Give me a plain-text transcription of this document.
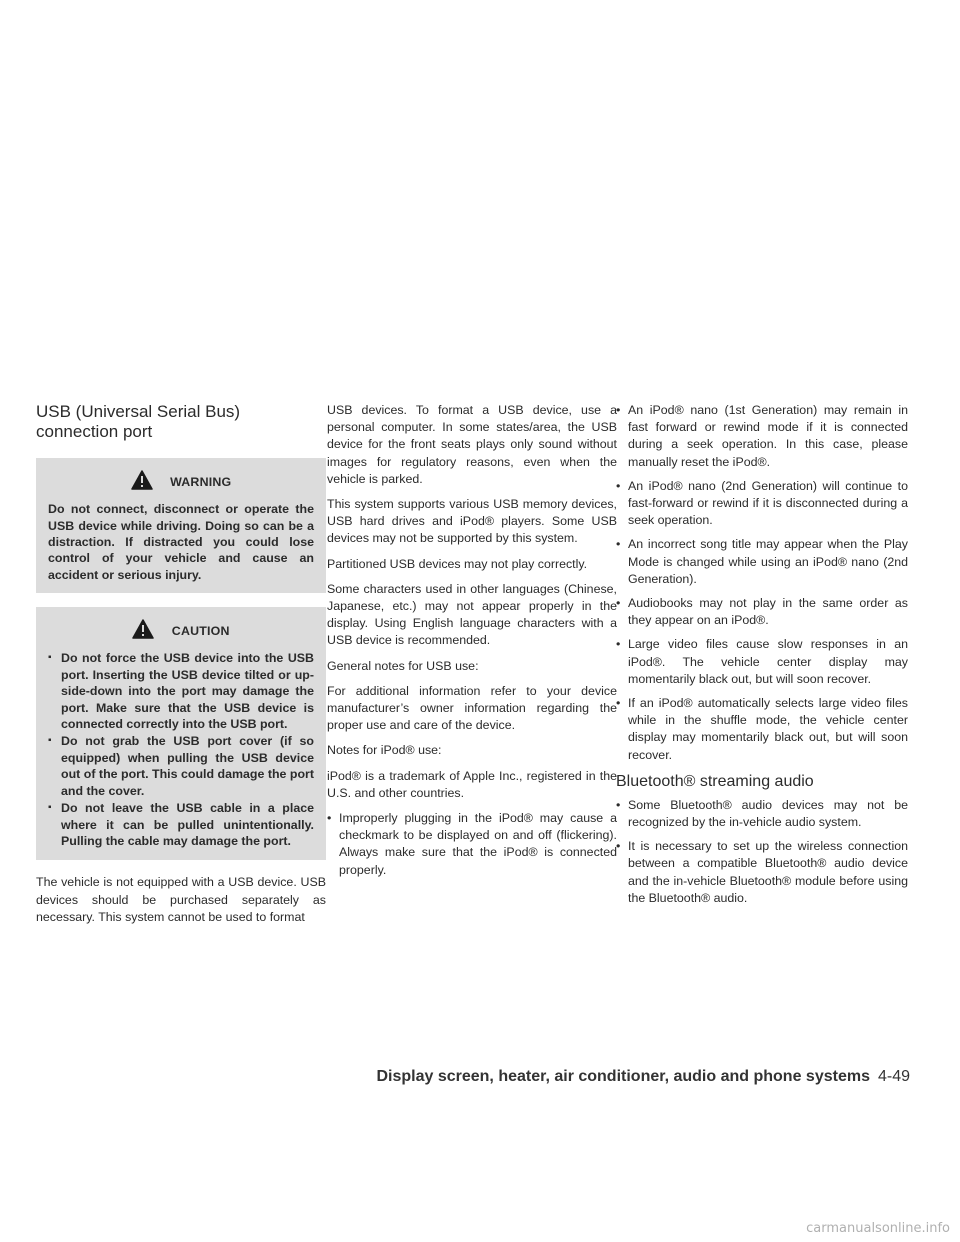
USB (Universal Serial Bus) connection port
WARNING
Do not connect, disconnect or operate the USB device while driving. Doing so can be a distraction. If distracted you could lose control of your vehicle and cause an accident or serious injury.
CAUTION
▪ Do not force the USB device into the USB port. Inserting the USB device tilted or up-side-down into the port may damage the port. Make sure that the USB device is connected correctly into the USB port.
▪ Do not grab the USB port cover (if so equipped) when pulling the USB device out of the port. This could damage the port and the cover.
▪ Do not leave the USB cable in a place where it can be pulled unintentionally. Pulling the cable may damage the port.

The vehicle is not equipped with a USB device. USB devices should be purchased separately as necessary. This system cannot be used to format

USB devices. To format a USB device, use a personal computer. In some states/area, the USB device for the front seats plays only sound without images for regulatory reasons, even when the vehicle is parked.

This system supports various USB memory devices, USB hard drives and iPod® players. Some USB devices may not be supported by this system.

Partitioned USB devices may not play correctly.

Some characters used in other languages (Chinese, Japanese, etc.) may not appear properly in the display. Using English language characters with a USB device is recommended.

General notes for USB use:

For additional information refer to your device manufacturer’s owner information regarding the proper use and care of the device.

Notes for iPod® use:

iPod® is a trademark of Apple Inc., registered in the U.S. and other countries.

• Improperly plugging in the iPod® may cause a checkmark to be displayed on and off (flickering). Always make sure that the iPod® is connected properly.
• An iPod® nano (1st Generation) may remain in fast forward or rewind mode if it is connected during a seek operation. In this case, please manually reset the iPod®.
• An iPod® nano (2nd Generation) will continue to fast-forward or rewind if it is disconnected during a seek operation.
• An incorrect song title may appear when the Play Mode is changed while using an iPod® nano (2nd Generation).
• Audiobooks may not play in the same order as they appear on an iPod®.
• Large video files cause slow responses in an iPod®. The vehicle center display may momentarily black out, but will soon recover.
• If an iPod® automatically selects large video files while in the shuffle mode, the vehicle center display may momentarily black out, but will soon recover.
Bluetooth® streaming audio
• Some Bluetooth® audio devices may not be recognized by the in-vehicle audio system.
• It is necessary to set up the wireless connection between a compatible Bluetooth® audio device and the in-vehicle Bluetooth® module before using the Bluetooth® audio.
Display screen, heater, air conditioner, audio and phone systems 4-49
carmanualsonline.info
